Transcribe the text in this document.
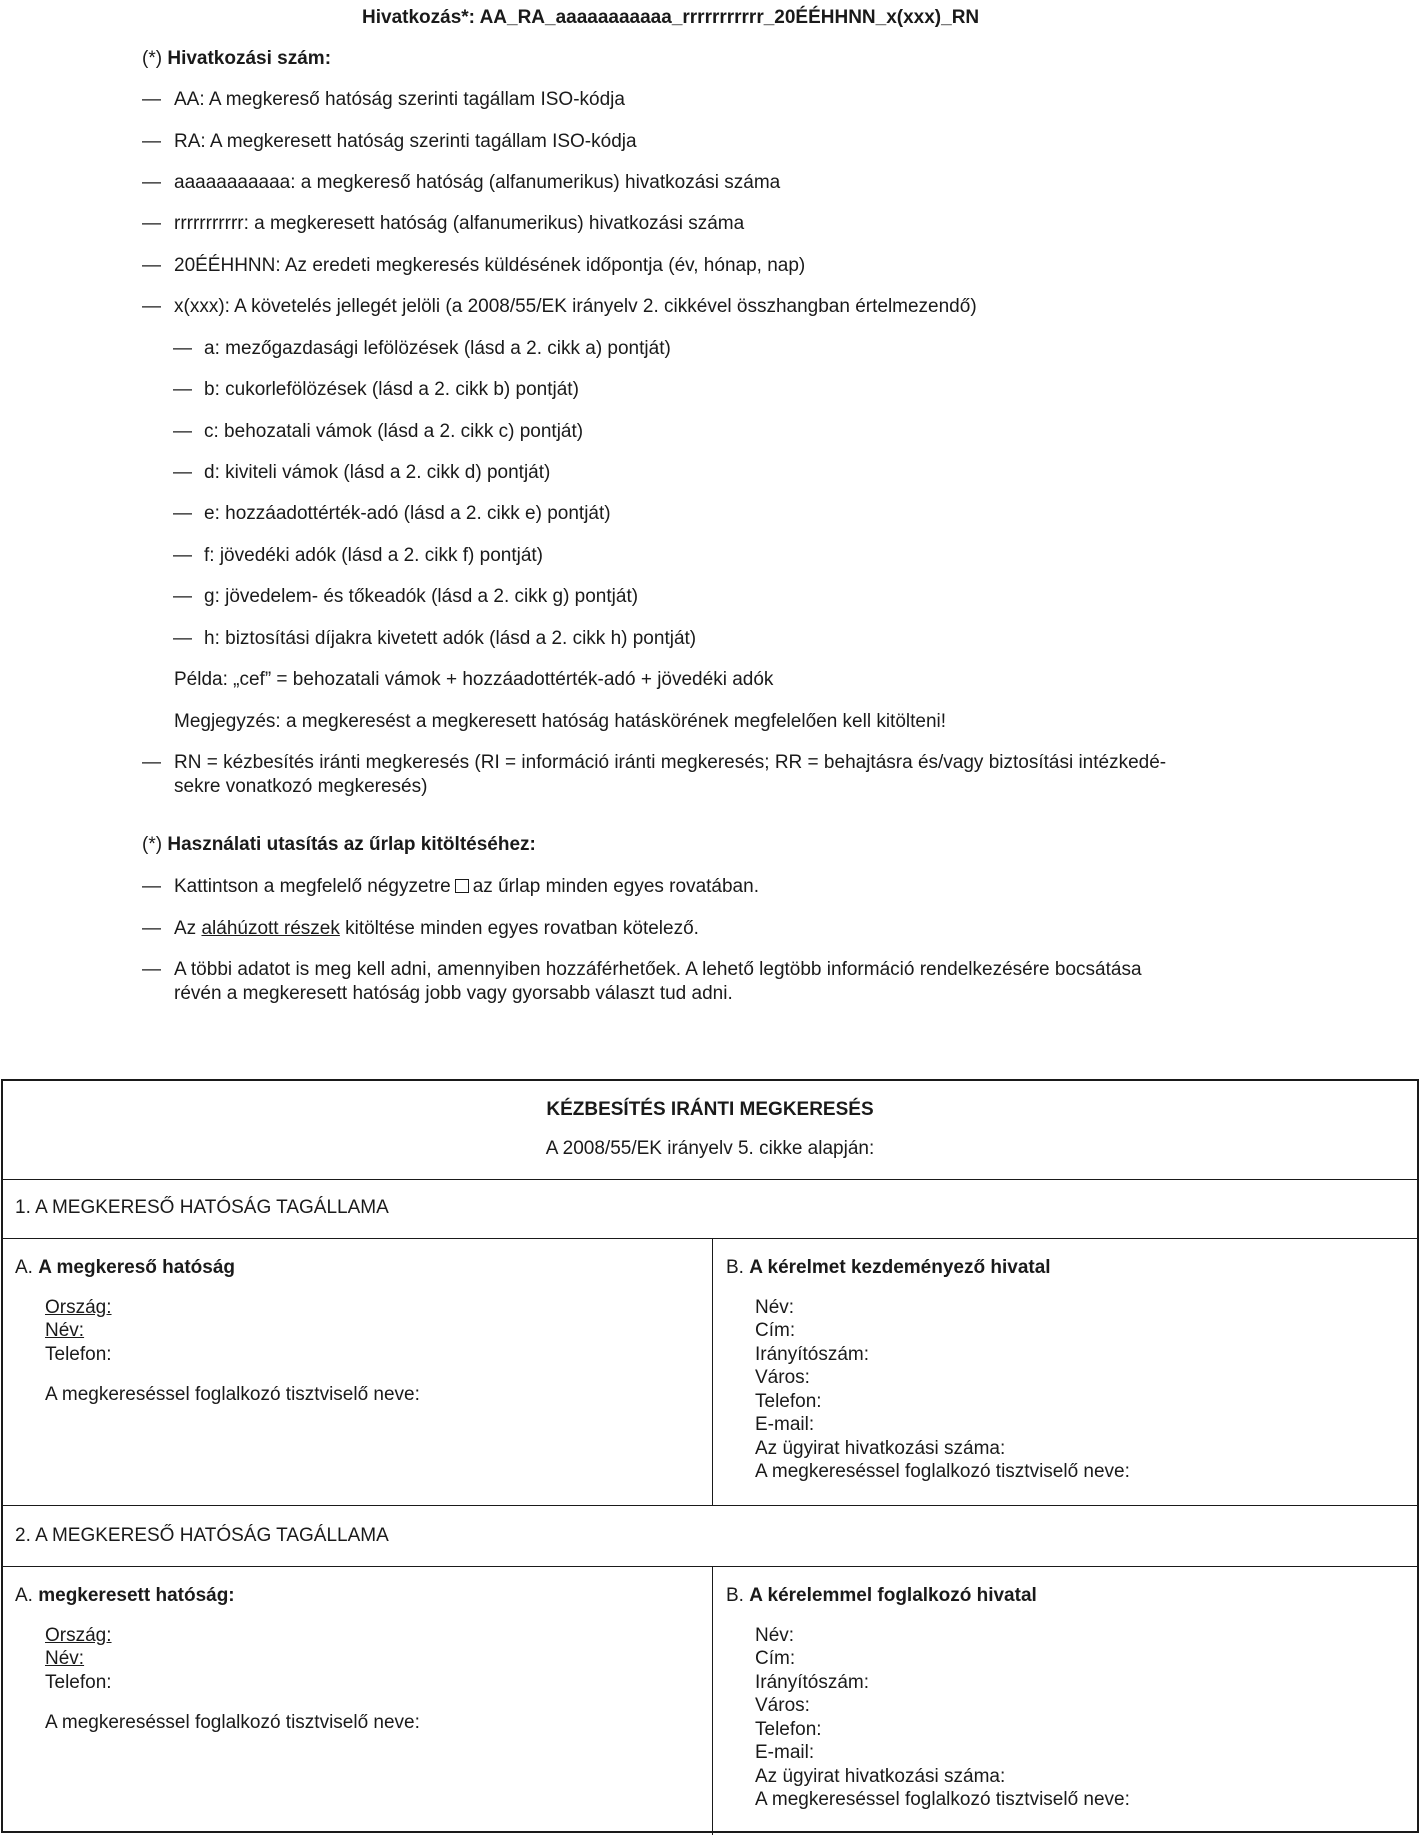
Hivatkozás*: AA_RA_aaaaaaaaaaa_rrrrrrrrrrr_20ÉÉHHNN_x(xxx)_RN
(*) Hivatkozási szám:
— AA: A megkereső hatóság szerinti tagállam ISO-kódja
— RA: A megkeresett hatóság szerinti tagállam ISO-kódja
— aaaaaaaaaaa: a megkereső hatóság (alfanumerikus) hivatkozási száma
— rrrrrrrrrrr: a megkeresett hatóság (alfanumerikus) hivatkozási száma
— 20ÉÉHHNN: Az eredeti megkeresés küldésének időpontja (év, hónap, nap)
— x(xxx): A követelés jellegét jelöli (a 2008/55/EK irányelv 2. cikkével összhangban értelmezendő)
— a: mezőgazdasági lefölözések (lásd a 2. cikk a) pontját)
— b: cukorlefölözések (lásd a 2. cikk b) pontját)
— c: behozatali vámok (lásd a 2. cikk c) pontját)
— d: kiviteli vámok (lásd a 2. cikk d) pontját)
— e: hozzáadottérték-adó (lásd a 2. cikk e) pontját)
— f: jövedéki adók (lásd a 2. cikk f) pontját)
— g: jövedelem- és tőkeadók (lásd a 2. cikk g) pontját)
— h: biztosítási díjakra kivetett adók (lásd a 2. cikk h) pontját)
Példa: „cef” = behozatali vámok + hozzáadottérték-adó + jövedéki adók
Megjegyzés: a megkeresést a megkeresett hatóság hatáskörének megfelelően kell kitölteni!
— RN = kézbesítés iránti megkeresés (RI = információ iránti megkeresés; RR = behajtásra és/vagy biztosítási intézkedé-
sekre vonatkozó megkeresés)
(*) Használati utasítás az űrlap kitöltéséhez:
— Kattintson a megfelelő négyzetre az űrlap minden egyes rovatában.
— Az aláhúzott részek kitöltése minden egyes rovatban kötelező.
— A többi adatot is meg kell adni, amennyiben hozzáférhetőek. A lehető legtöbb információ rendelkezésére bocsátása
révén a megkeresett hatóság jobb vagy gyorsabb választ tud adni.
KÉZBESÍTÉS IRÁNTI MEGKERESÉS
A 2008/55/EK irányelv 5. cikke alapján:
1. A MEGKERESŐ HATÓSÁG TAGÁLLAMA
A. A megkereső hatóság
Ország:
Név:
Telefon:
A megkereséssel foglalkozó tisztviselő neve:
B. A kérelmet kezdeményező hivatal
Név:
Cím:
Irányítószám:
Város:
Telefon:
E-mail:
Az ügyirat hivatkozási száma:
A megkereséssel foglalkozó tisztviselő neve:
2. A MEGKERESŐ HATÓSÁG TAGÁLLAMA
A. megkeresett hatóság:
Ország:
Név:
Telefon:
A megkereséssel foglalkozó tisztviselő neve:
B. A kérelemmel foglalkozó hivatal
Név:
Cím:
Irányítószám:
Város:
Telefon:
E-mail:
Az ügyirat hivatkozási száma:
A megkereséssel foglalkozó tisztviselő neve:
